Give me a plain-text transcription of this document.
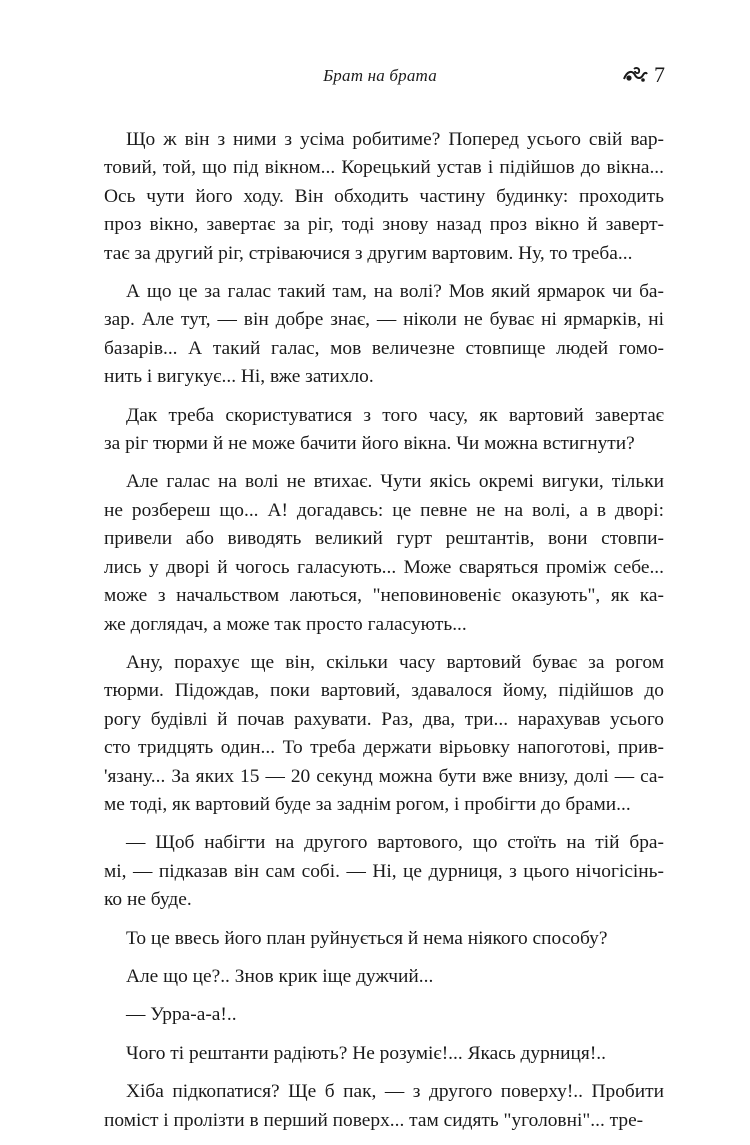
Брат на брата	7

Що ж він з ними з усіма робитиме? Поперед усього свій вар-
товий, той, що під вікном... Корецький устав і підійшов до вікна...
Ось чути його ходу. Він обходить частину будинку: проходить
проз вікно, завертає за ріг, тоді знову назад проз вікно й заверт-
тає за другий ріг, стріваючися з другим вартовим. Ну, то треба...

А що це за галас такий там, на волі? Мов який ярмарок чи ба-
зар. Але тут, — він добре знає, — ніколи не буває ні ярмарків, ні
базарів... А такий галас, мов величезне стовпище людей гомо-
нить і вигукує... Ні, вже затихло.

Дак треба скористуватися з того часу, як вартовий завертає
за ріг тюрми й не може бачити його вікна. Чи можна встигнути?

Але галас на волі не втихає. Чути якісь окремі вигуки, тільки
не розбереш що... А! догадавсь: це певне не на волі, а в дворі:
привели або виводять великий гурт рештантів, вони стовпи-
лись у дворі й чогось галасують... Може сваряться проміж себе...
може з начальством лаються, "неповиновеніє оказують", як ка-
же доглядач, а може так просто галасують...

Ану, порахує ще він, скільки часу вартовий буває за рогом
тюрми. Підождав, поки вартовий, здавалося йому, підійшов до
рогу будівлі й почав рахувати. Раз, два, три... нарахував усього
сто тридцять один... То треба держати вірьовку напоготові, прив-
'язану... За яких 15 — 20 секунд можна бути вже внизу, долі — са-
ме тоді, як вартовий буде за заднім рогом, і пробігти до брами...

— Щоб набігти на другого вартового, що стоїть на тій бра-
мі, — підказав він сам собі. — Ні, це дурниця, з цього нічогісінь-
ко не буде.

То це ввесь його план руйнується й нема ніякого способу?

Але що це?.. Знов крик іще дужчий...

— Урра-а-а!..

Чого ті рештанти радіють? Не розуміє!... Якась дурниця!..

Хіба підкопатися? Ще б пак, — з другого поверху!.. Пробити
поміст і пролізти в перший поверх... там сидять "уголовні"... тре-
